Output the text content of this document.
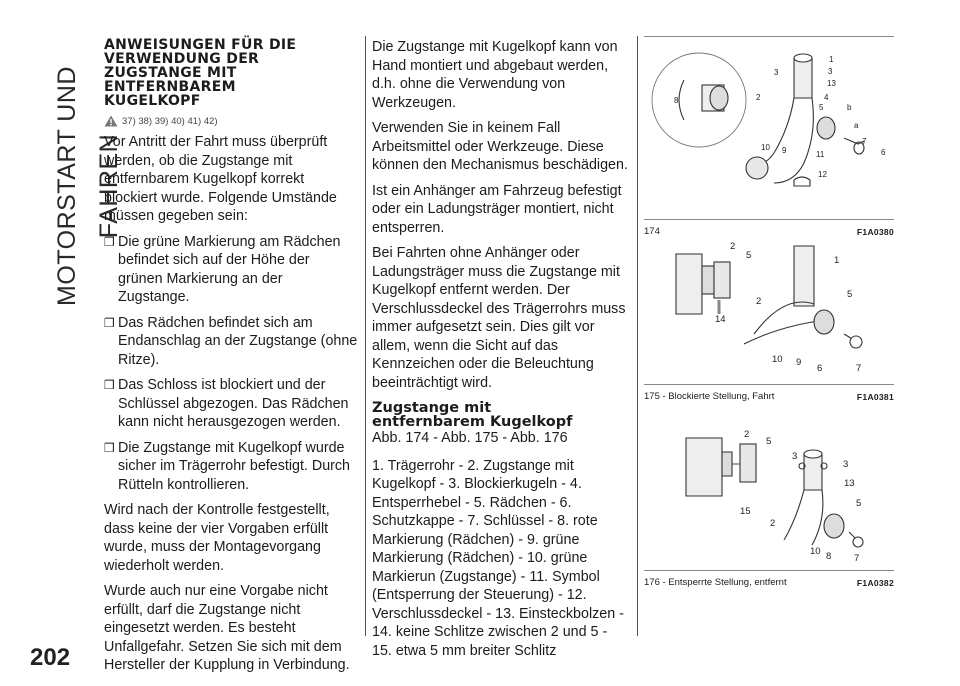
MOTORSTART UND FAHREN
ANWEISUNGEN FÜR DIE
VERWENDUNG DER
ZUGSTANGE MIT
ENTFERNBAREM
KUGELKOPF
37) 38) 39) 40) 41) 42)

Vor Antritt der Fahrt muss überprüft werden, ob die Zugstange mit entfernbarem Kugelkopf korrekt blockiert wurde. Folgende Umstände müssen gegeben sein:

❒ Die grüne Markierung am Rädchen befindet sich auf der Höhe der grünen Markierung an der Zugstange.
❒ Das Rädchen befindet sich am Endanschlag an der Zugstange (ohne Ritze).
❒ Das Schloss ist blockiert und der Schlüssel abgezogen. Das Rädchen kann nicht herausgezogen werden.
❒ Die Zugstange mit Kugelkopf wurde sicher im Trägerrohr befestigt. Durch Rütteln kontrollieren.

Wird nach der Kontrolle festgestellt, dass keine der vier Vorgaben erfüllt wurde, muss der Montagevorgang wiederholt werden.

Wurde auch nur eine Vorgabe nicht erfüllt, darf die Zugstange nicht eingesetzt werden. Es besteht Unfallgefahr. Setzen Sie sich mit dem Hersteller der Kupplung in Verbindung.

Die Zugstange mit Kugelkopf kann von Hand montiert und abgebaut werden, d.h. ohne die Verwendung von Werkzeugen.

Verwenden Sie in keinem Fall Arbeitsmittel oder Werkzeuge. Diese können den Mechanismus beschädigen.

Ist ein Anhänger am Fahrzeug befestigt oder ein Ladungsträger montiert, nicht entsperren.

Bei Fahrten ohne Anhänger oder Ladungsträger muss die Zugstange mit Kugelkopf entfernt werden. Der Verschlussdeckel des Trägerrohrs muss immer aufgesetzt sein. Dies gilt vor allem, wenn die Sicht auf das Kennzeichen oder die Beleuchtung beeinträchtigt wird.

Zugstange mit
entfernbarem Kugelkopf

Abb. 174 - Abb. 175 - Abb. 176

1. Trägerrohr - 2. Zugstange mit Kugelkopf - 3. Blockierkugeln - 4. Entsperrhebel - 5. Rädchen - 6. Schutzkappe - 7. Schlüssel - 8. rote Markierung (Rädchen) - 9. grüne Markierung (Rädchen) - 10. grüne Markierun (Zugstange) - 11. Symbol (Entsperrung der Steuerung) - 12. Verschlussdeckel - 13. Einsteckbolzen - 14. keine Schlitze zwischen 2 und 5 - 15. etwa 5 mm breiter Schlitz

8
3
2
1
3
13
4
5	b
a
7
6
10 9	11
12
174	F1A0380
2
5	1
14
2
5
10 9
6	7
175 - Blockierte Stellung, Fahrt	F1A0381
2
5
3
3
13
15
5
2
10 8 7
176 - Entsperrte Stellung, entfernt	F1A0382
202
